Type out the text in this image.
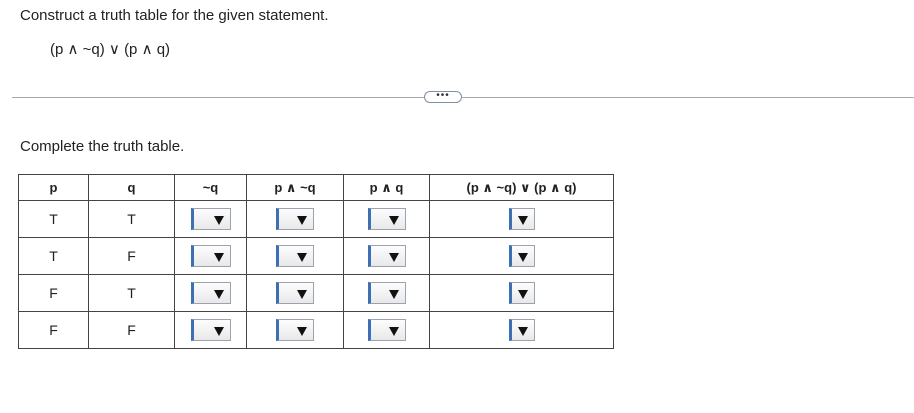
Construct a truth table for the given statement.
(p ∧ ~q) ∨ (p ∧ q)
•••
Complete the truth table.
p	q	~q	p ∧ ~q	p ∧ q	(p ∧ ~q) ∨ (p ∧ q)
T	T	

T	F	

F	T	

F	F	
